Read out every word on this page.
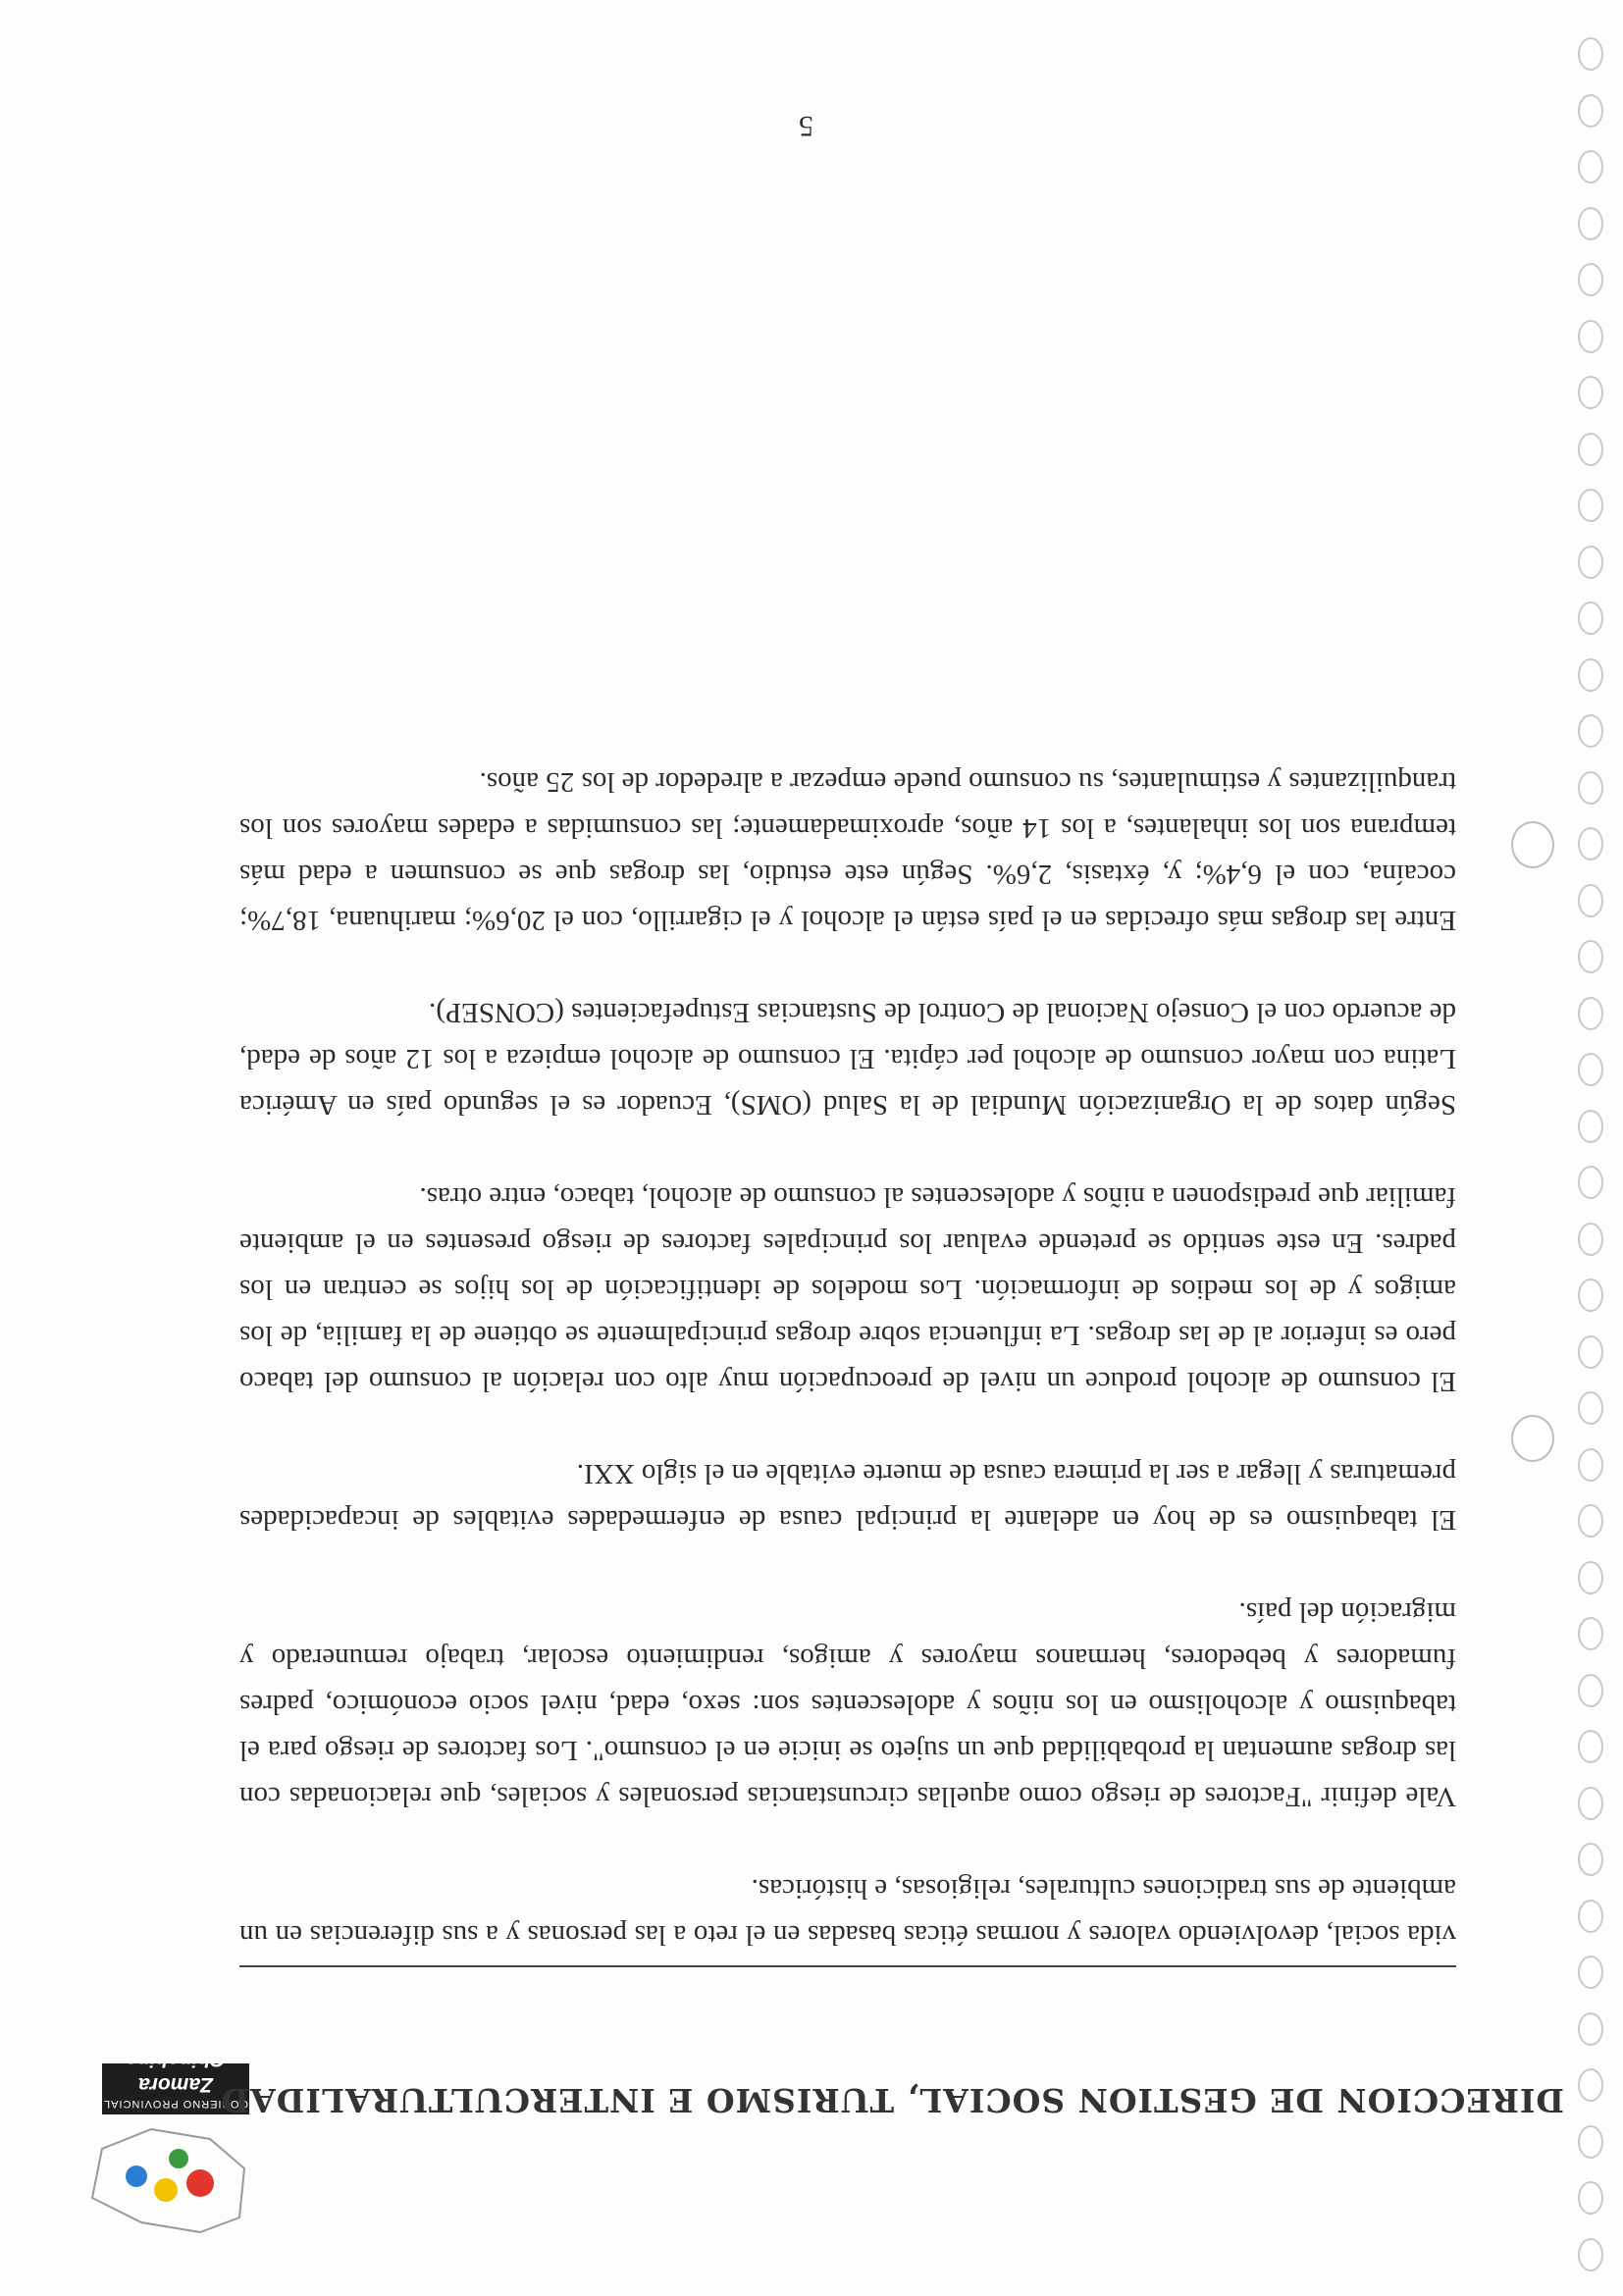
GOBIERNO PROVINCIAL
Zamora Chinchipe
DIRECCION DE GESTION SOCIAL, TURISMO E INTERCULTURALIDAD

vida social, devolviendo valores y normas éticas basadas en el reto a las personas y a sus diferencias en un ambiente de sus tradiciones culturales, religiosas, e históricas.

Vale definir "Factores de riesgo como aquellas circunstancias personales y sociales, que relacionadas con las drogas aumentan la probabilidad que un sujeto se inicie en el consumo". Los factores de riesgo para el tabaquismo y alcoholismo en los niños y adolescentes son: sexo, edad, nivel socio económico, padres fumadores y bebedores, hermanos mayores y amigos, rendimiento escolar, trabajo remunerado y migración del país.

El tabaquismo es de hoy en adelante la principal causa de enfermedades evitables de incapacidades prematuras y llegar a ser la primera causa de muerte evitable en el siglo XXI.

El consumo de alcohol produce un nivel de preocupación muy alto con relación al consumo del tabaco pero es inferior al de las drogas. La influencia sobre drogas principalmente se obtiene de la familia, de los amigos y de los medios de información. Los modelos de identificación de los hijos se centran en los padres. En este sentido se pretende evaluar los principales factores de riesgo presentes en el ambiente familiar que predisponen a niños y adolescentes al consumo de alcohol, tabaco, entre otras.

Según datos de la Organización Mundial de la Salud (OMS), Ecuador es el segundo país en América Latina con mayor consumo de alcohol per cápita. El consumo de alcohol empieza a los 12 años de edad, de acuerdo con el Consejo Nacional de Control de Sustancias Estupefacientes (CONSEP).

Entre las drogas más ofrecidas en el país están el alcohol y el cigarrillo, con el 20,6%; marihuana, 18,7%; cocaína, con el 6,4%; y, éxtasis, 2,6%. Según este estudio, las drogas que se consumen a edad más temprana son los inhalantes, a los 14 años, aproximadamente; las consumidas a edades mayores son los tranquilizantes y estimulantes, su consumo puede empezar a alrededor de los 25 años.

5
